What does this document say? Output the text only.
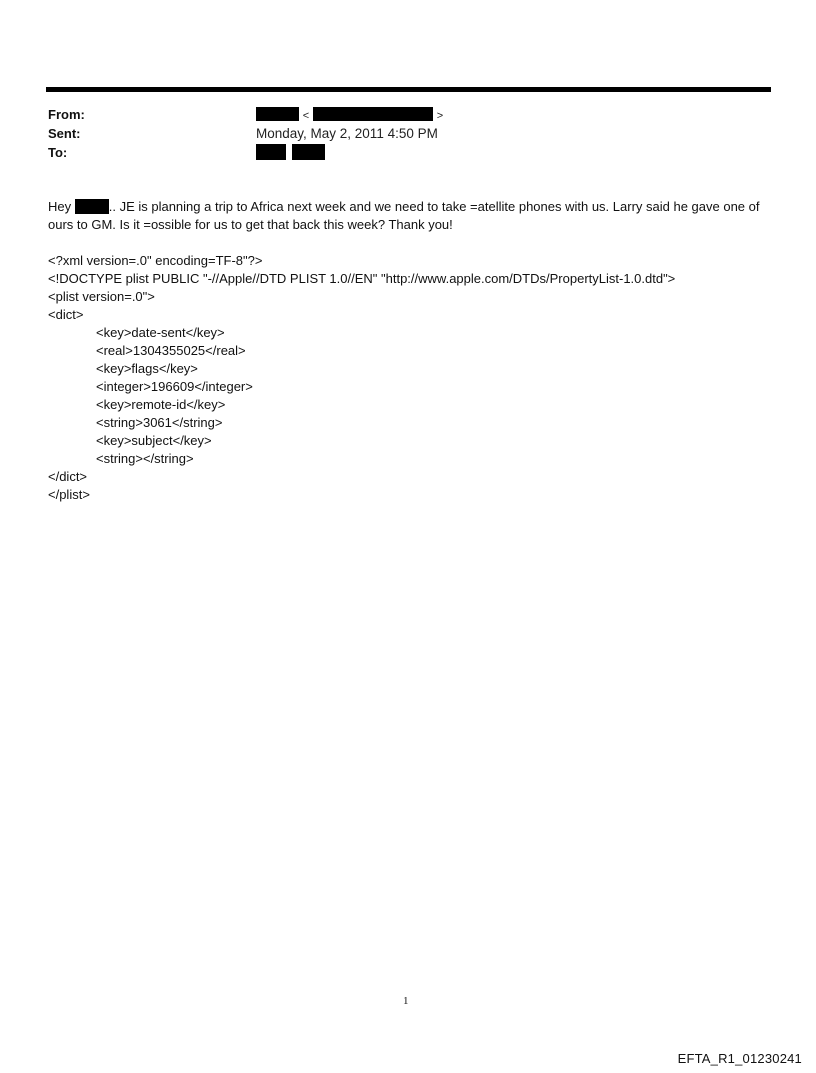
From:	<	>
Sent:	Monday, May 2, 2011 4:50 PM
To:

Hey	.. JE is planning a trip to Africa next week and we need to take =atellite phones with us. Larry said he gave one of ours to GM. Is it =ossible for us to get that back this week? Thank you!

<?xml version=.0" encoding=TF-8"?>
<!DOCTYPE plist PUBLIC "-//Apple//DTD PLIST 1.0//EN" "http://www.apple.com/DTDs/PropertyList-1.0.dtd">
<plist version=.0">
<dict>
<key>date-sent</key>
<real>1304355025</real>
<key>flags</key>
<integer>196609</integer>
<key>remote-id</key>
<string>3061</string>
<key>subject</key>
<string></string>
</dict>
</plist>
1
EFTA_R1_01230241
